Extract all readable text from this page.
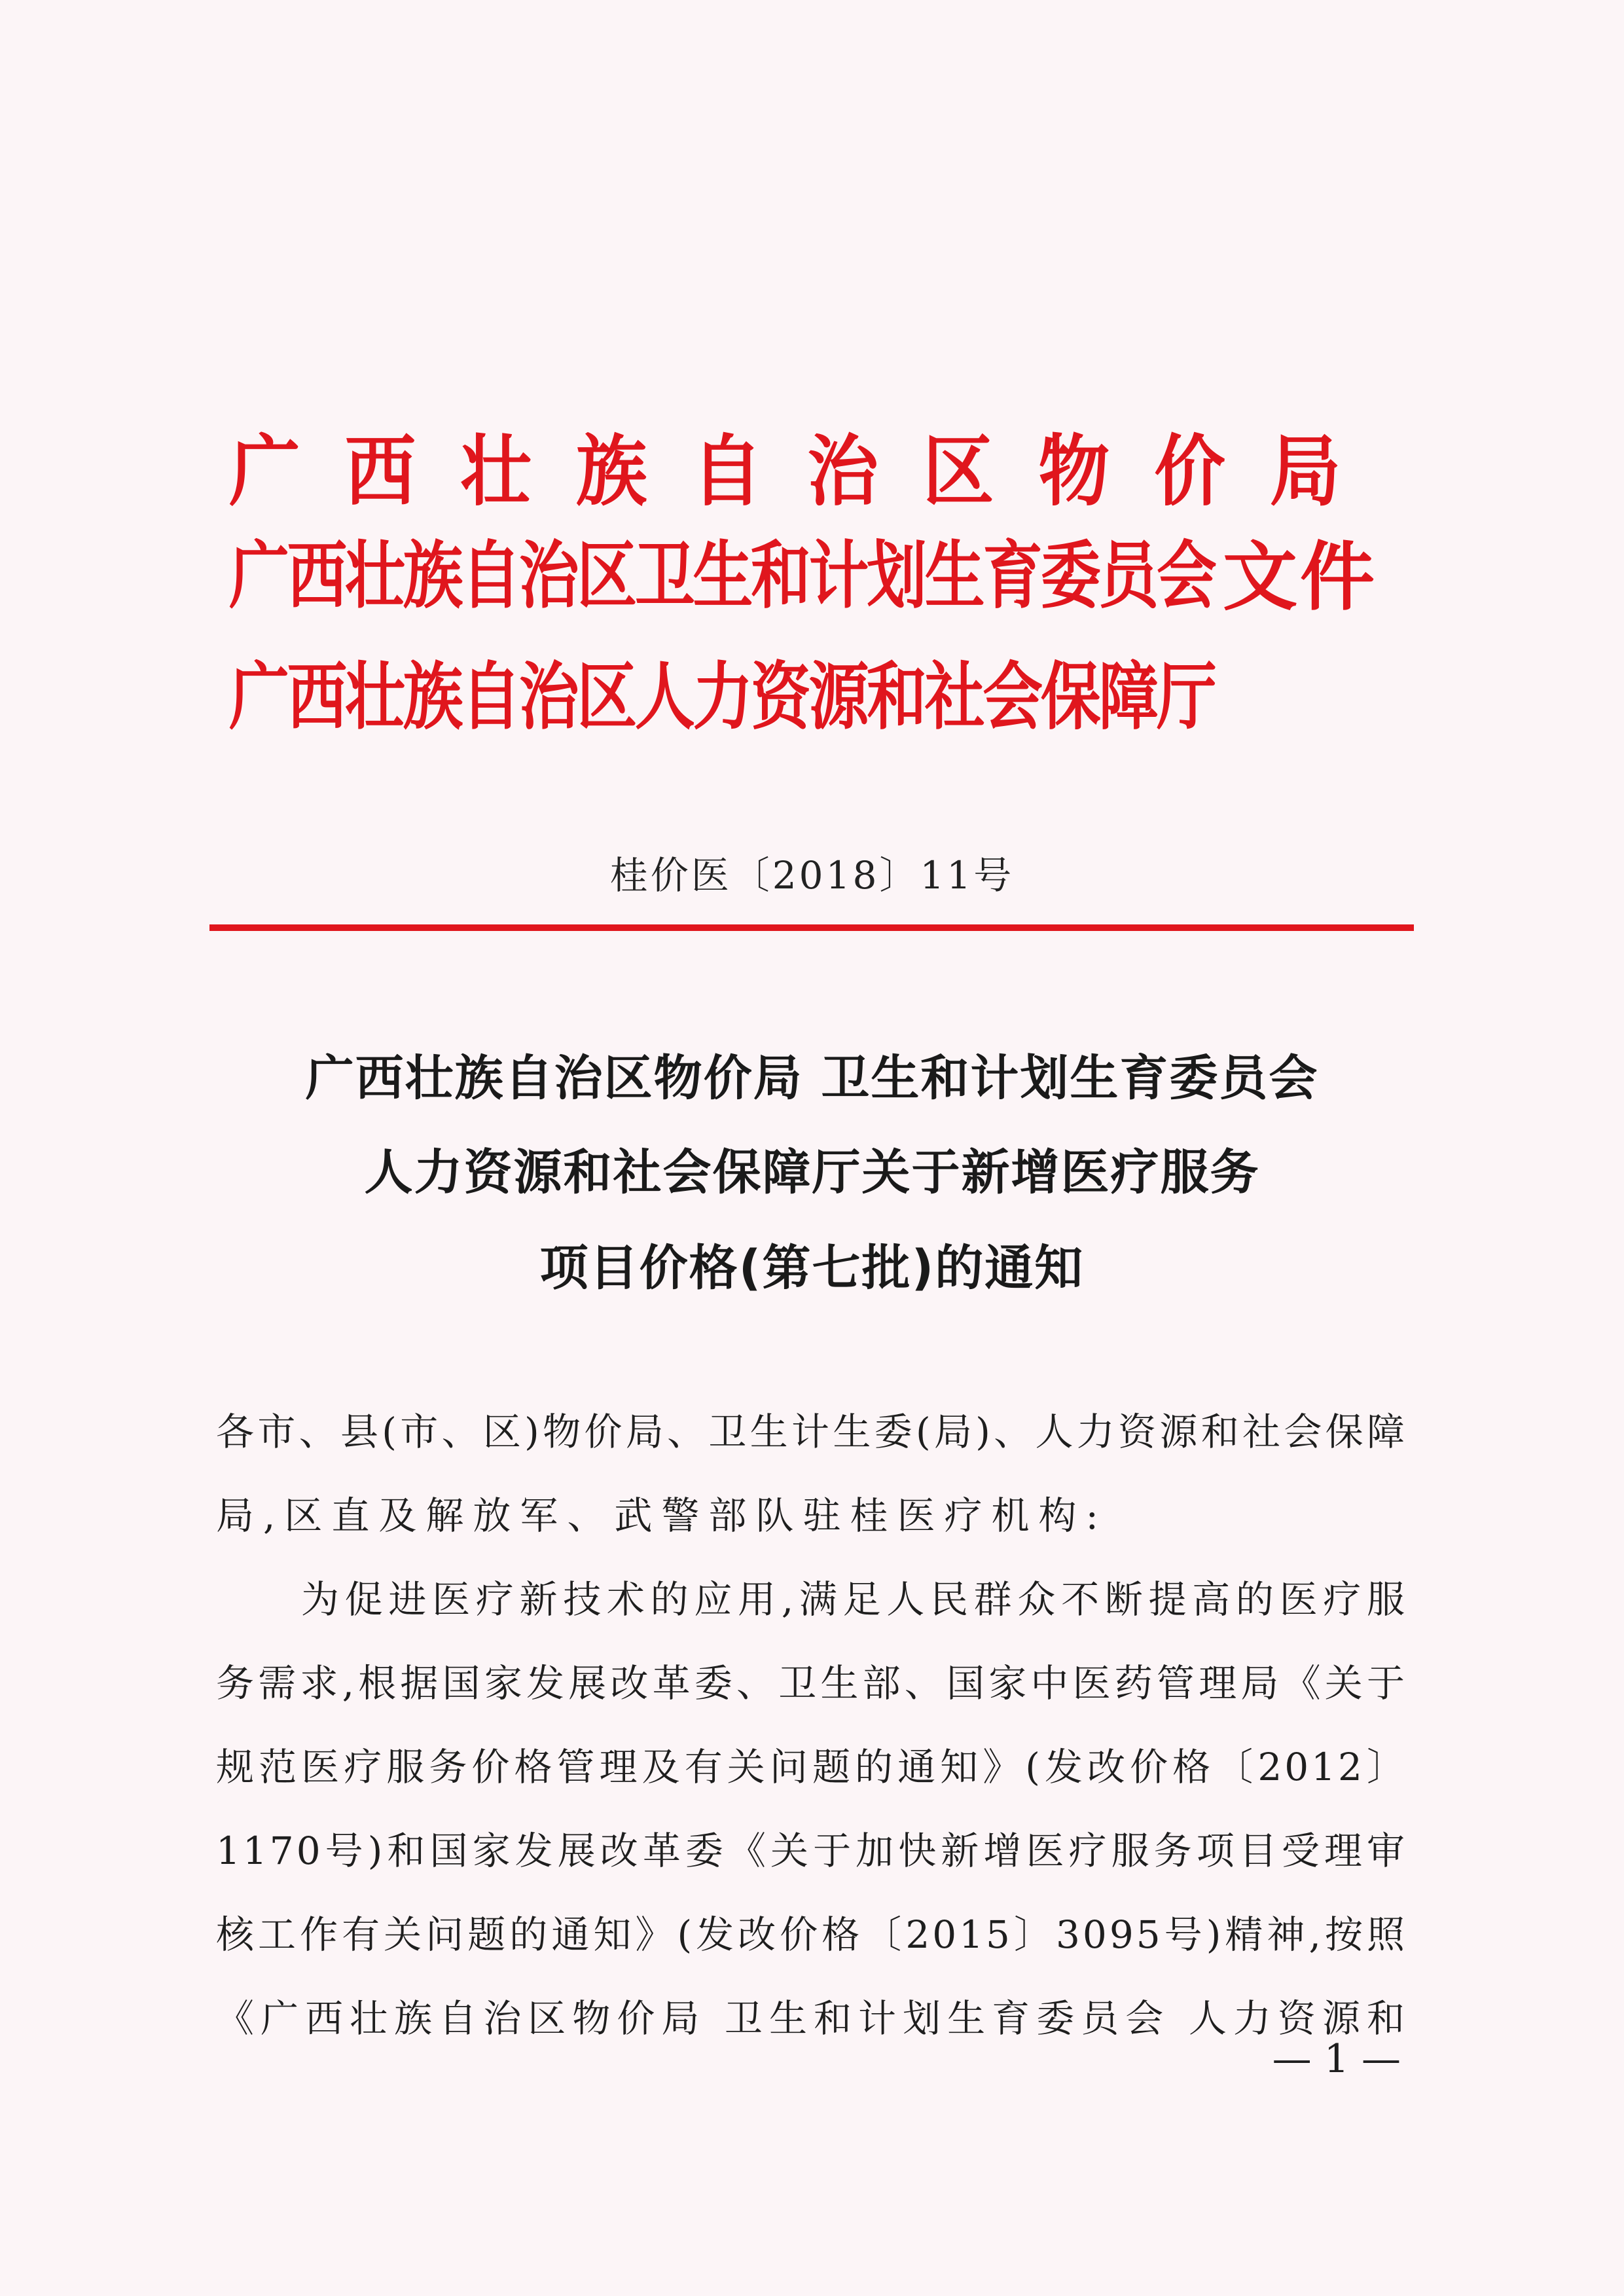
广西壮族自治区物价局
广西壮族自治区卫生和计划生育委员会 文件
广西壮族自治区人力资源和社会保障厅
桂价医〔2018〕11号
广西壮族自治区物价局 卫生和计划生育委员会
人力资源和社会保障厅关于新增医疗服务
项目价格(第七批)的通知
各市、县(市、区)物价局、卫生计生委(局)、人力资源和社会保障
局,区直及解放军、武警部队驻桂医疗机构:
为促进医疗新技术的应用,满足人民群众不断提高的医疗服
务需求,根据国家发展改革委、卫生部、国家中医药管理局《关于
规范医疗服务价格管理及有关问题的通知》(发改价格〔2012〕
1170号)和国家发展改革委《关于加快新增医疗服务项目受理审
核工作有关问题的通知》(发改价格〔2015〕3095号)精神,按照
《广西壮族自治区物价局 卫生和计划生育委员会 人力资源和
— 1 —
